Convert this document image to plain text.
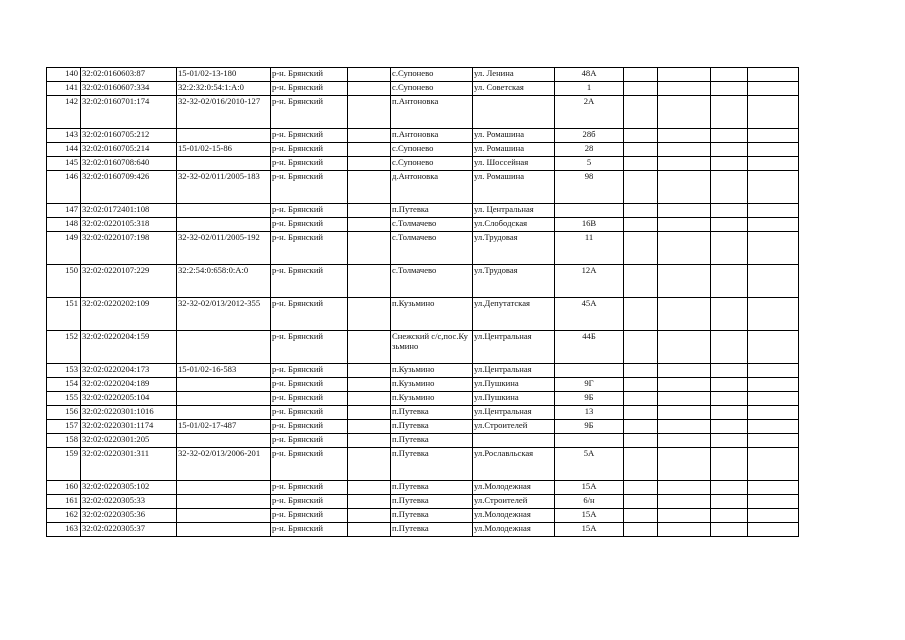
140	32:02:0160603:87	15-01/02-13-180	р-н. Брянский		с.Супонево	ул. Ленина	48А				
141	32:02:0160607:334	32:2:32:0:54:1:А:0	р-н. Брянский		с.Супонево	ул. Советская	1				
142	32:02:0160701:174	32-32-02/016/2010-127	р-н. Брянский		п.Антоновка		2А				
143	32:02:0160705:212		р-н. Брянский		п.Антоновка	ул. Ромашина	28б				
144	32:02:0160705:214	15-01/02-15-86	р-н. Брянский		с.Супонево	ул. Ромашина	28				
145	32:02:0160708:640		р-н. Брянский		с.Супонево	ул. Шоссейная	5				
146	32:02:0160709:426	32-32-02/011/2005-183	р-н. Брянский		д.Антоновка	ул. Ромашина	98				
147	32:02:0172401:108		р-н. Брянский		п.Путевка	ул. Центральная					
148	32:02:0220105:318		р-н. Брянский		с.Толмачево	ул.Слободская	16В				
149	32:02:0220107:198	32-32-02/011/2005-192	р-н. Брянский		с.Толмачево	ул.Трудовая	11				
150	32:02:0220107:229	32:2:54:0:658:0:А:0	р-н. Брянский		с.Толмачево	ул.Трудовая	12А				
151	32:02:0220202:109	32-32-02/013/2012-355	р-н. Брянский		п.Кузьмино	ул.Депутатская	45А				
152	32:02:0220204:159		р-н. Брянский		Снежский с/с,пос.Кузьмино	ул.Центральная	44Б				
153	32:02:0220204:173	15-01/02-16-583	р-н. Брянский		п.Кузьмино	ул.Центральная					
154	32:02:0220204:189		р-н. Брянский		п.Кузьмино	ул.Пушкина	9Г				
155	32:02:0220205:104		р-н. Брянский		п.Кузьмино	ул.Пушкина	9Б				
156	32:02:0220301:1016		р-н. Брянский		п.Путевка	ул.Центральная	13				
157	32:02:0220301:1174	15-01/02-17-487	р-н. Брянский		п.Путевка	ул.Строителей	9Б				
158	32:02:0220301:205		р-н. Брянский		п.Путевка						
159	32:02:0220301:311	32-32-02/013/2006-201	р-н. Брянский		п.Путевка	ул.Рославльская	5А				
160	32:02:0220305:102		р-н. Брянский		п.Путевка	ул.Молодежная	15А				
161	32:02:0220305:33		р-н. Брянский		п.Путевка	ул.Строителей	6/н				
162	32:02:0220305:36		р-н. Брянский		п.Путевка	ул.Молодежная	15А				
163	32:02:0220305:37		р-н. Брянский		п.Путевка	ул.Молодежная	15А				
